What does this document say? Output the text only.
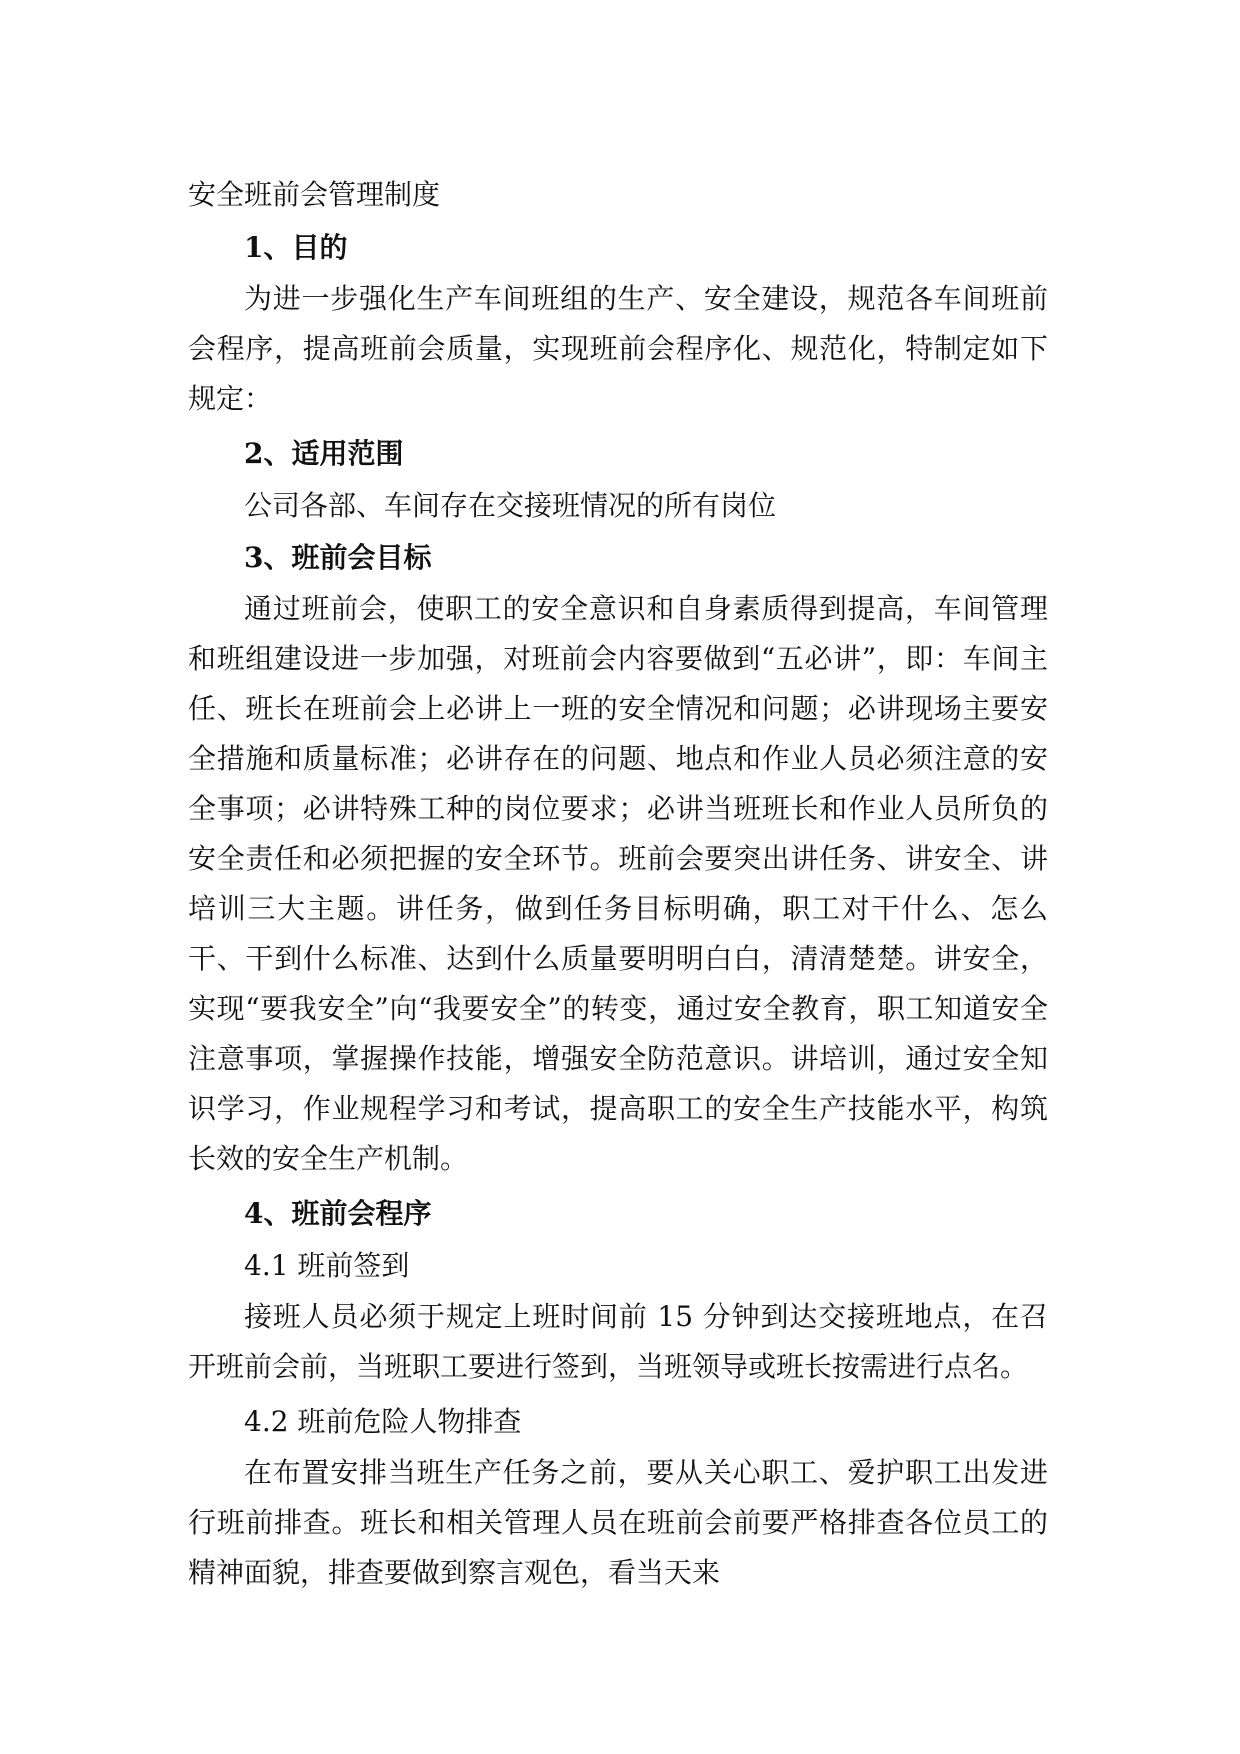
安全班前会管理制度
1、目的

为进一步强化生产车间班组的生产、安全建设，规范各车间班前会程序，提高班前会质量，实现班前会程序化、规范化，特制定如下规定：

2、适用范围
公司各部、车间存在交接班情况的所有岗位
3、班前会目标

通过班前会，使职工的安全意识和自身素质得到提高，车间管理和班组建设进一步加强，对班前会内容要做到“五必讲”，即：车间主任、班长在班前会上必讲上一班的安全情况和问题；必讲现场主要安全措施和质量标准；必讲存在的问题、地点和作业人员必须注意的安全事项；必讲特殊工种的岗位要求；必讲当班班长和作业人员所负的安全责任和必须把握的安全环节。班前会要突出讲任务、讲安全、讲培训三大主题。讲任务，做到任务目标明确，职工对干什么、怎么干、干到什么标准、达到什么质量要明明白白，清清楚楚。讲安全，实现“要我安全”向“我要安全”的转变，通过安全教育，职工知道安全注意事项，掌握操作技能，增强安全防范意识。讲培训，通过安全知识学习，作业规程学习和考试，提高职工的安全生产技能水平，构筑长效的安全生产机制。

4、班前会程序
4.1 班前签到

接班人员必须于规定上班时间前 15 分钟到达交接班地点，在召开班前会前，当班职工要进行签到，当班领导或班长按需进行点名。

4.2 班前危险人物排查

在布置安排当班生产任务之前，要从关心职工、爱护职工出发进行班前排查。班长和相关管理人员在班前会前要严格排查各位员工的精神面貌，排查要做到察言观色，看当天来
